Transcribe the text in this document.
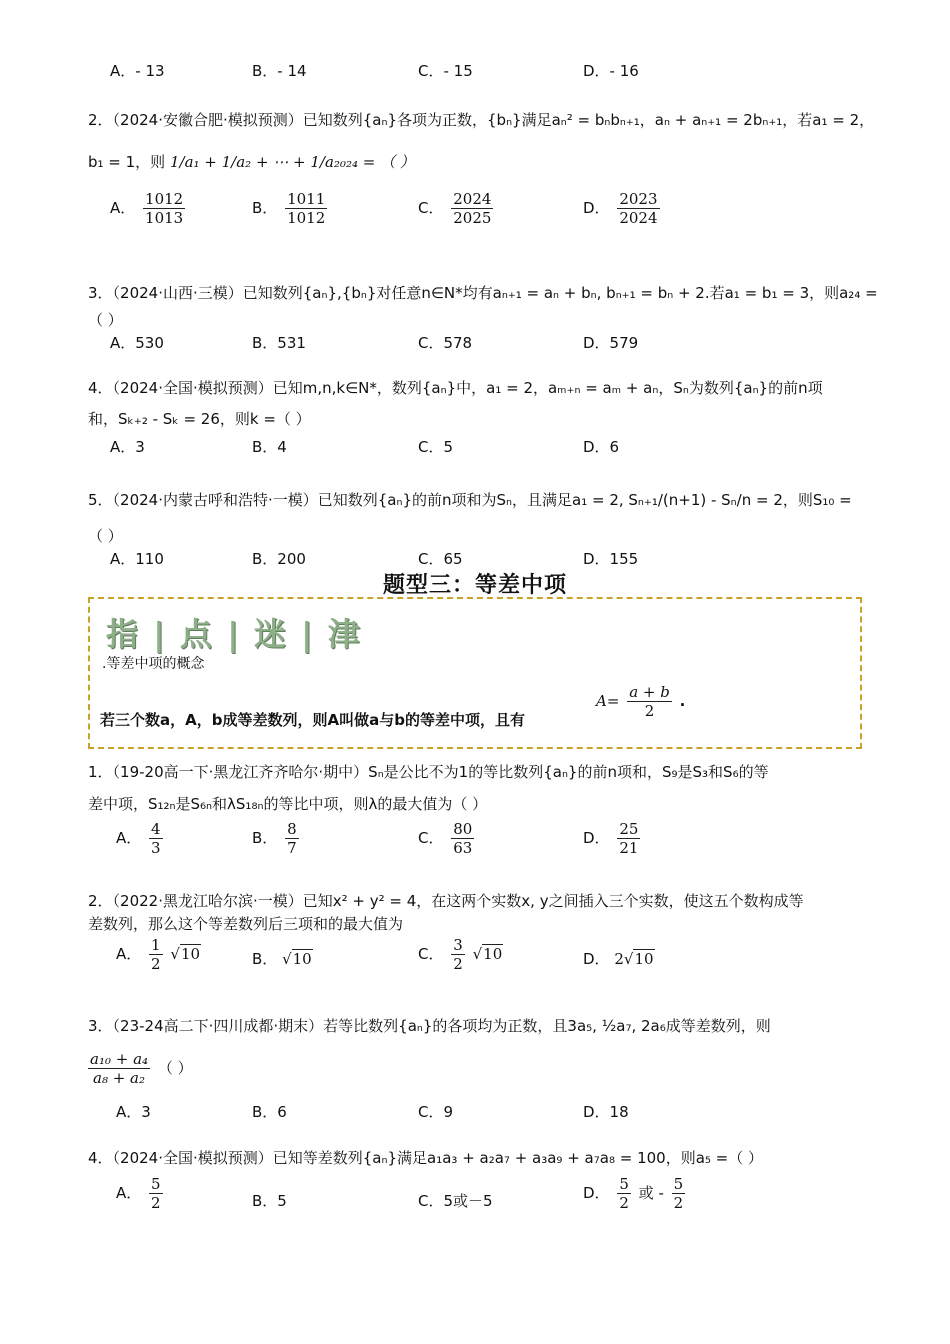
A．- 13	B．- 14	C．- 15	D．- 16
2．（2024·安徽合肥·模拟预测）已知数列{aₙ}各项为正数，{bₙ}满足aₙ² = bₙbₙ₊₁，aₙ + aₙ₊₁ = 2bₙ₊₁，若a₁ = 2，
b₁ = 1，则 1/a₁ + 1/a₂ + ⋯ + 1/a₂₀₂₄ = （ ）
A． $\frac{1012}{1013}$	B． $\frac{1011}{1012}$	C． $\frac{2024}{2025}$	D． $\frac{2023}{2024}$
3．（2024·山西·三模）已知数列{aₙ},{bₙ}对任意n∈N*均有aₙ₊₁ = aₙ + bₙ, bₙ₊₁ = bₙ + 2.若a₁ = b₁ = 3，则a₂₄ =
（ ）
A．530	B．531	C．578	D．579
4．（2024·全国·模拟预测）已知m,n,k∈N*，数列{aₙ}中，a₁ = 2，aₘ₊ₙ = aₘ + aₙ，Sₙ为数列{aₙ}的前n项
和，Sₖ₊₂ - Sₖ = 26，则k =（ ）
A．3	B．4	C．5	D．6
5．（2024·内蒙古呼和浩特·一模）已知数列{aₙ}的前n项和为Sₙ，且满足a₁ = 2, Sₙ₊₁/(n+1) - Sₙ/n = 2，则S₁₀ =
（ ）
A．110	B．200	C．65	D．155
题型三：等差中项
指 | 点 | 迷 | 津
.等差中项的概念
若三个数a，A，b成等差数列，则A叫做a与b的等差中项，且有
$A= \frac{a + b}{2}$ .
1．（19-20高一下·黑龙江齐齐哈尔·期中）Sₙ是公比不为1的等比数列{aₙ}的前n项和，S₉是S₃和S₆的等
差中项，S₁₂ₙ是S₆ₙ和λS₁₈ₙ的等比中项，则λ的最大值为（ ）
A． $\frac{4}{3}$	B． $\frac{8}{7}$	C． $\frac{80}{63}$	D． $\frac{25}{21}$
2．（2022·黑龙江哈尔滨·一模）已知x² + y² = 4，在这两个实数x, y之间插入三个实数，使这五个数构成等
差数列，那么这个等差数列后三项和的最大值为
A． $\frac{1}{2} √10$	B． √10	C． $\frac{3}{2} √10$	D． 2√10
3．（23-24高二下·四川成都·期末）若等比数列{aₙ}的各项均为正数，且3a₅, ½a₇, 2a₆成等差数列，则
$\frac{\text{a₁₀ + a₄}}{\text{a₈ + a₂}}$ （ ）
A．3	B．6	C．9	D．18
4．（2024·全国·模拟预测）已知等差数列{aₙ}满足a₁a₃ + a₂a₇ + a₃a₉ + a₇a₈ = 100，则a₅ =（ ）
A． $\frac{5}{2}$	B．5	C．5或－5	D． $\frac{5}{2}$ 或 - $\frac{5}{2}$
